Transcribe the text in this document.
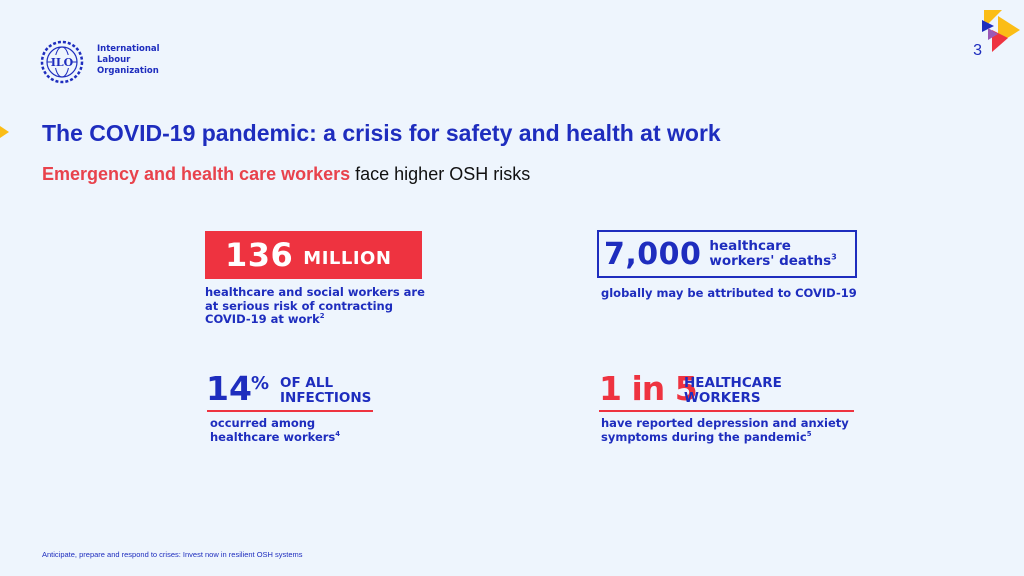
ILO
International
Labour
Organization
3
The COVID-19 pandemic: a crisis for safety and health at work
Emergency and health care workers face higher OSH risks
136 MILLION
healthcare and social workers are
at serious risk of contracting
COVID-19 at work$^2$
7,000 healthcare
workers' deaths$^3$
globally may be attributed to COVID-19
14 % OF ALL
INFECTIONS
occurred among
healthcare workers$^4$
1 in 5
HEALTHCARE
WORKERS
have reported depression and anxiety
symptoms during the pandemic$^5$
Anticipate, prepare and respond to crises: Invest now in resilient OSH systems
